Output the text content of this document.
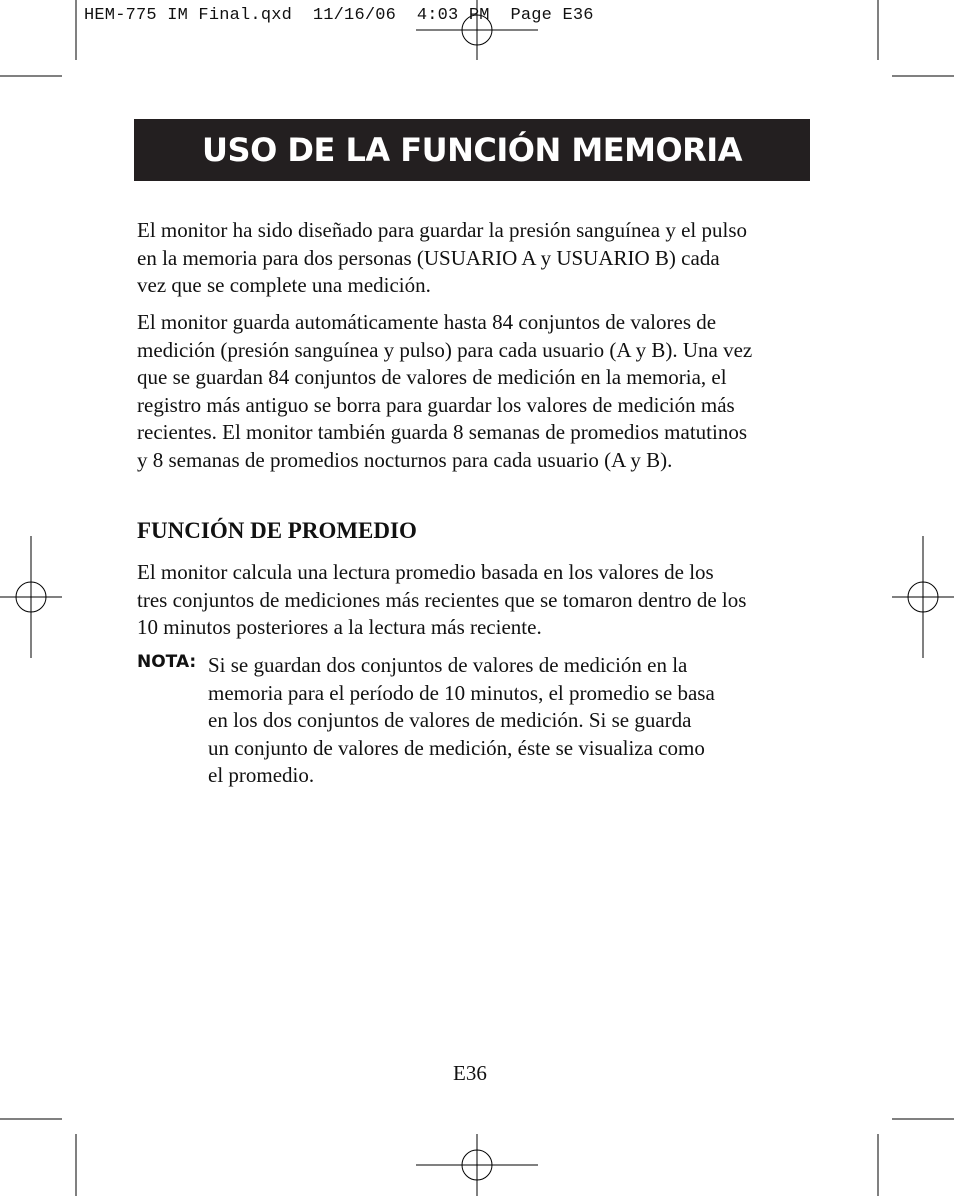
HEM-775 IM Final.qxd  11/16/06  4:03 PM  Page E36
USO DE LA FUNCIÓN MEMORIA

El monitor ha sido diseñado para guardar la presión sanguínea y el pulso
en la memoria para dos personas (USUARIO A y USUARIO B) cada
vez que se complete una medición.

El monitor guarda automáticamente hasta 84 conjuntos de valores de
medición (presión sanguínea y pulso) para cada usuario (A y B). Una vez
que se guardan 84 conjuntos de valores de medición en la memoria, el
registro más antiguo se borra para guardar los valores de medición más
recientes. El monitor también guarda 8 semanas de promedios matutinos
y 8 semanas de promedios nocturnos para cada usuario (A y B).

FUNCIÓN DE PROMEDIO

El monitor calcula una lectura promedio basada en los valores de los
tres conjuntos de mediciones más recientes que se tomaron dentro de los
10 minutos posteriores a la lectura más reciente.

NOTA: Si se guardan dos conjuntos de valores de medición en la
memoria para el período de 10 minutos, el promedio se basa
en los dos conjuntos de valores de medición. Si se guarda
un conjunto de valores de medición, éste se visualiza como
el promedio.

E36
